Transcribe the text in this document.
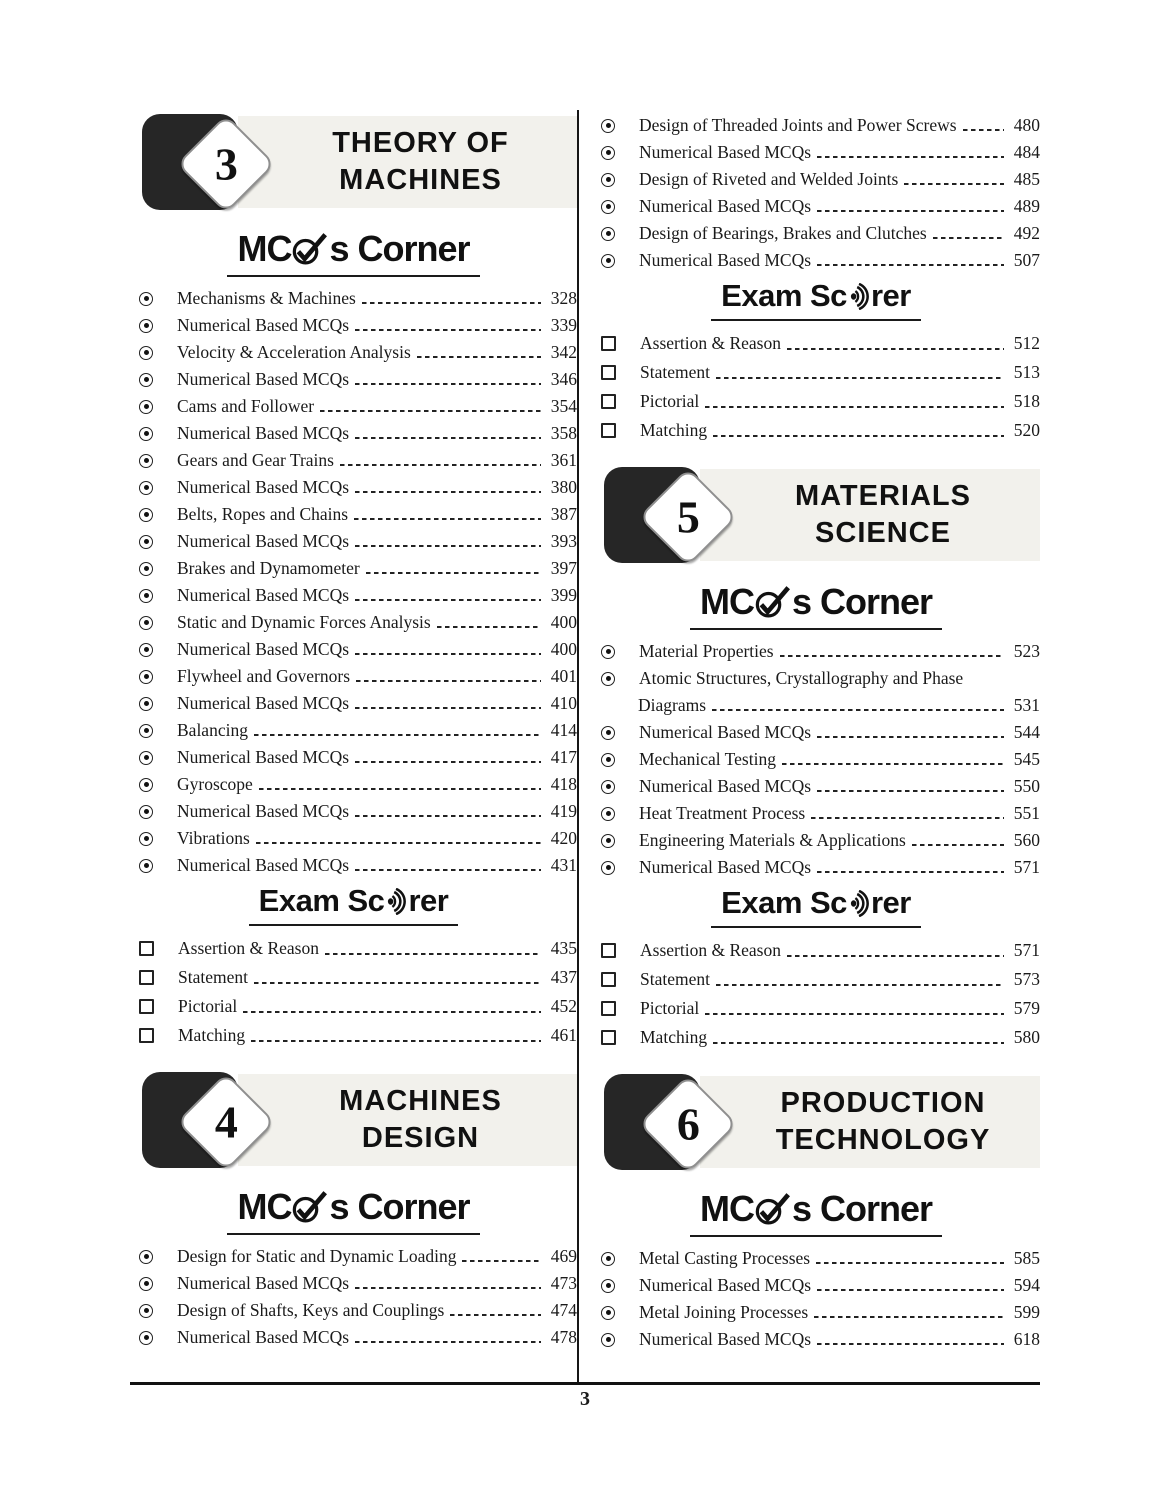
THEORY OF
MACHINES
3
MC s Corner
Mechanisms & Machines	328
Numerical Based MCQs	339
Velocity & Acceleration Analysis	342
Numerical Based MCQs	346
Cams and Follower	354
Numerical Based MCQs	358
Gears and Gear Trains	361
Numerical Based MCQs	380
Belts, Ropes and Chains	387
Numerical Based MCQs	393
Brakes and Dynamometer	397
Numerical Based MCQs	399
Static and Dynamic Forces Analysis	400
Numerical Based MCQs	400
Flywheel and Governors	401
Numerical Based MCQs	410
Balancing	414
Numerical Based MCQs	417
Gyroscope	418
Numerical Based MCQs	419
Vibrations	420
Numerical Based MCQs	431
Exam Sc rer
Assertion & Reason	435
Statement	437
Pictorial	452
Matching	461
MACHINES
DESIGN
4
MC s Corner
Design for Static and Dynamic Loading	469
Numerical Based MCQs	473
Design of Shafts, Keys and Couplings	474
Numerical Based MCQs	478
Design of Threaded Joints and Power Screws	480
Numerical Based MCQs	484
Design of Riveted and Welded Joints	485
Numerical Based MCQs	489
Design of Bearings, Brakes and Clutches	492
Numerical Based MCQs	507
Exam Sc rer
Assertion & Reason	512
Statement	513
Pictorial	518
Matching	520
MATERIALS
SCIENCE
5
MC s Corner
Material Properties	523
Atomic Structures, Crystallography and Phase
Diagrams	531
Numerical Based MCQs	544
Mechanical Testing	545
Numerical Based MCQs	550
Heat Treatment Process	551
Engineering Materials & Applications	560
Numerical Based MCQs	571
Exam Sc rer
Assertion & Reason	571
Statement	573
Pictorial	579
Matching	580
PRODUCTION
TECHNOLOGY
6
MC s Corner
Metal Casting Processes	585
Numerical Based MCQs	594
Metal Joining Processes	599
Numerical Based MCQs	618
3
